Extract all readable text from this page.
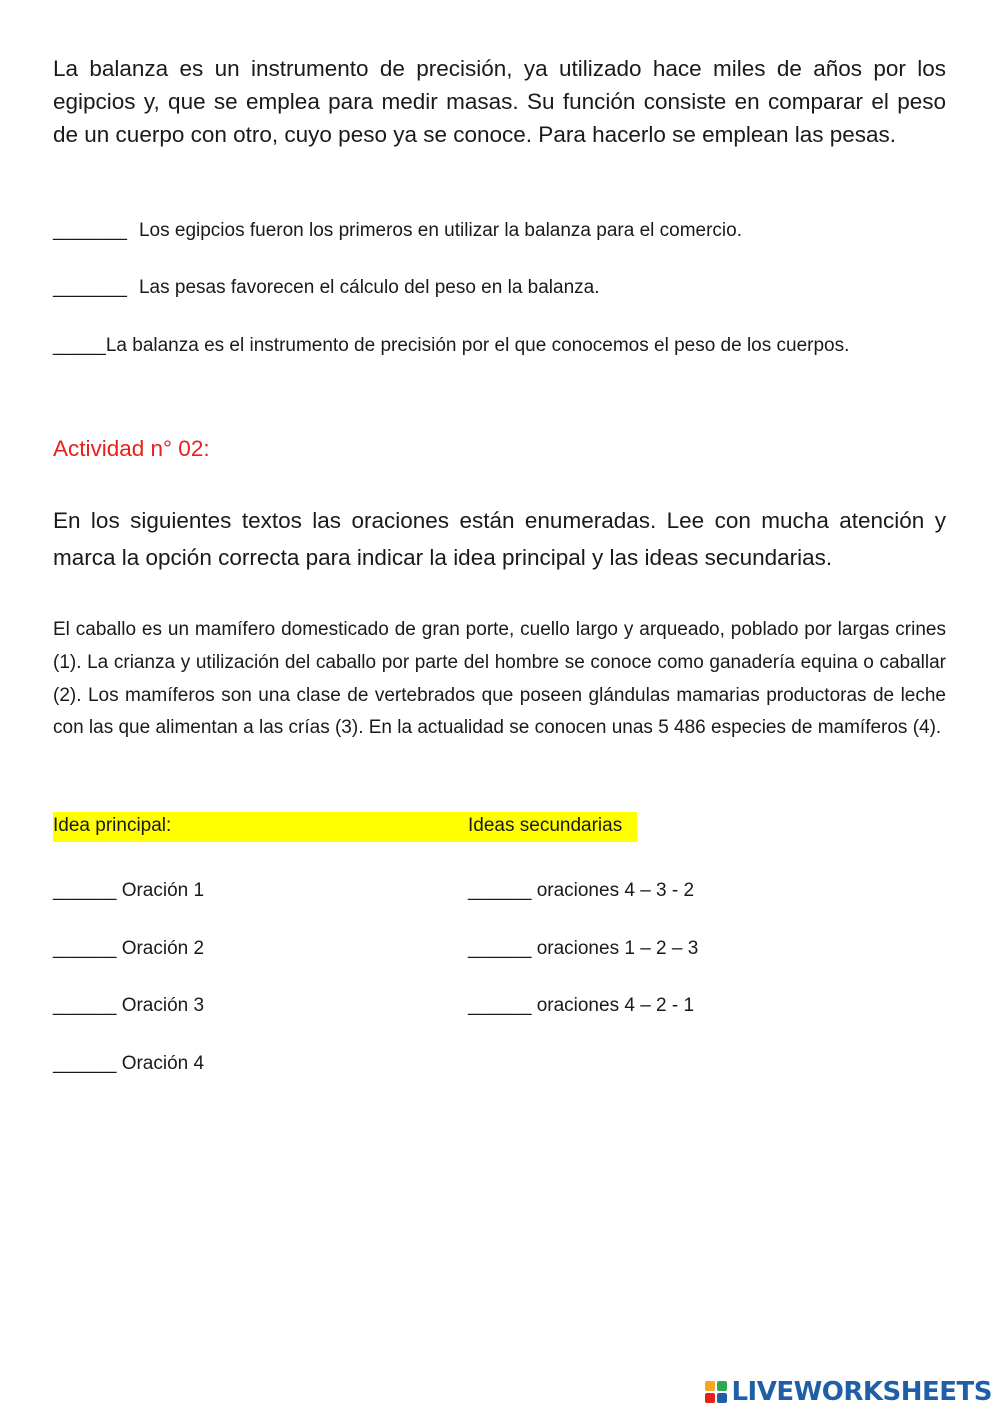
La balanza es un instrumento de precisión, ya utilizado hace miles de años por los egipcios y, que se emplea para medir masas. Su función consiste en comparar el peso de un cuerpo con otro, cuyo peso ya se conoce. Para hacerlo se emplean las pesas.

_______ Los egipcios fueron los primeros en utilizar la balanza para el comercio.

_______ Las pesas favorecen el cálculo del peso en la balanza.

_____La balanza es el instrumento de precisión por el que conocemos el peso de los cuerpos.

Actividad n° 02:

En los siguientes textos las oraciones están enumeradas. Lee con mucha atención y marca la opción correcta para indicar la idea principal y las ideas secundarias.

El caballo es un mamífero domesticado de gran porte, cuello largo y arqueado, poblado por largas crines (1). La crianza y utilización del caballo por parte del hombre se conoce como ganadería equina o caballar (2). Los mamíferos son una clase de vertebrados que poseen glándulas mamarias productoras de leche con las que alimentan a las crías (3). En la actualidad se conocen unas 5 486 especies de mamíferos (4).

Idea principal:	Ideas secundarias

______ Oración 1

______ Oración 2

______ Oración 3

______ Oración 4

______ oraciones 4 – 3 - 2

______ oraciones 1 – 2 – 3

______ oraciones 4 – 2 - 1

LIVEWORKSHEETS
